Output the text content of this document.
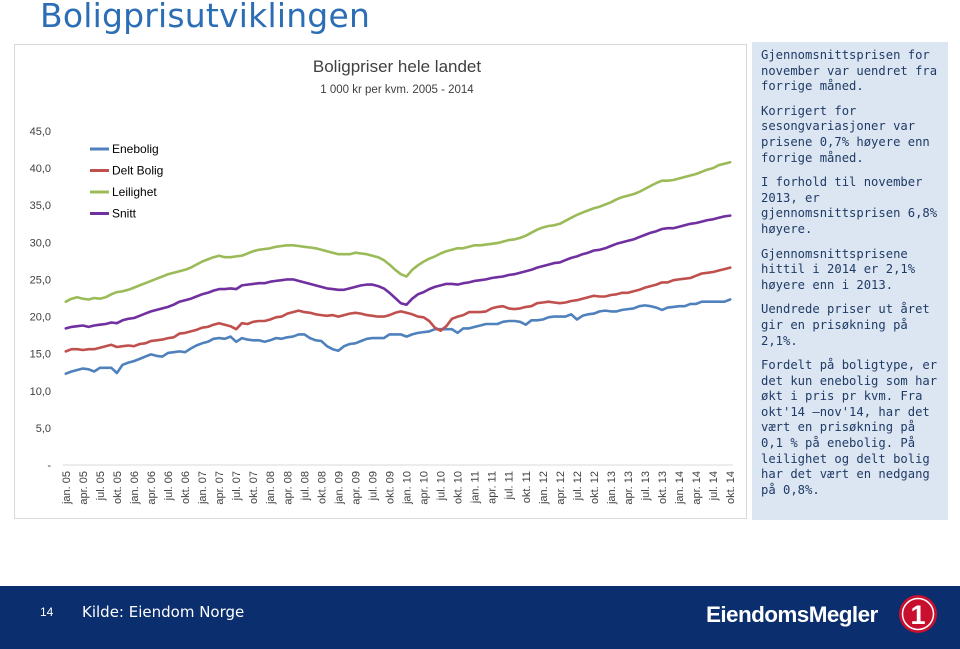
Boligprisutviklingen
Boligpriser hele landet
1 000 kr per kvm. 2005 - 2014
-
5,0
10,0
15,0
20,0
25,0
30,0
35,0
40,0
45,0
jan. 05 apr. 05 jul. 05 okt. 05 jan. 06 apr. 06 jul. 06 okt. 06 jan. 07 apr. 07 jul. 07 okt. 07 jan. 08 apr. 08 jul. 08 okt. 08 jan. 09 apr. 09 jul. 09 okt. 09 jan. 10 apr. 10 jul. 10 okt. 10 jan. 11 apr. 11 jul. 11 okt. 11 jan. 12 apr. 12 jul. 12 okt. 12 jan. 13 apr. 13 jul. 13 okt. 13 jan. 14 apr. 14 jul. 14 okt. 14
Enebolig
Delt Bolig
Leilighet
Snitt

Gjennomsnittsprisen for november var uendret fra forrige måned.

Korrigert for sesongvariasjoner var prisene 0,7% høyere enn forrige måned.

I forhold til november 2013, er gjennomsnittsprisen 6,8% høyere.

Gjennomsnittsprisene hittil i 2014 er 2,1% høyere enn i 2013.

Uendrede priser ut året gir en prisøkning på 2,1%.

Fordelt på boligtype, er det kun enebolig som har økt i pris pr kvm. Fra okt'14 –nov'14, har det vært en prisøkning på 0,1 % på enebolig. På leilighet og delt bolig har det vært en nedgang på 0,8%.

14 Kilde: Eiendom Norge	EiendomsMegler 1
